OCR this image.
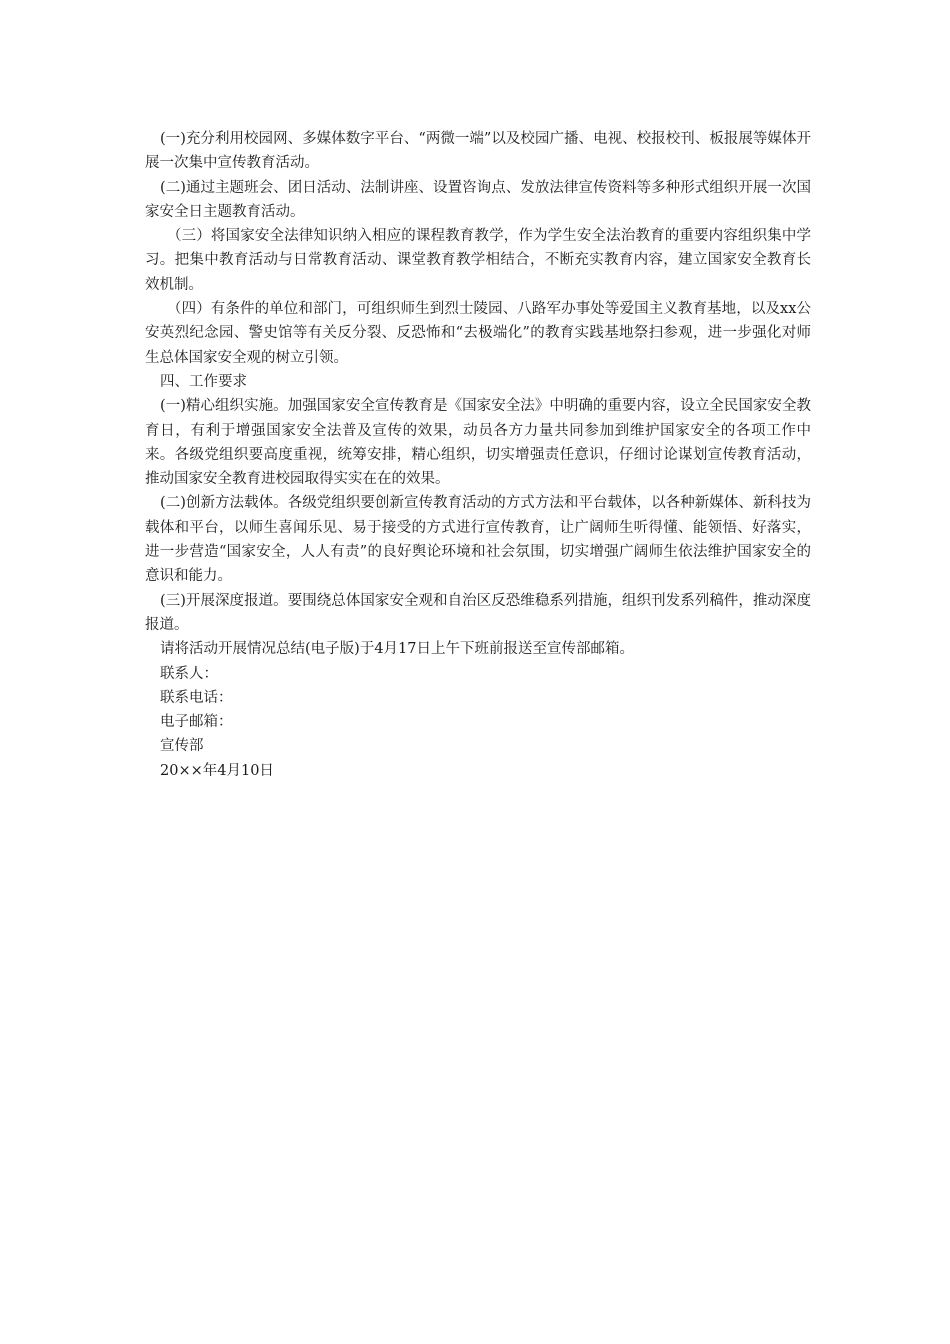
(一)充分利用校园网、多媒体数字平台、“两微一端”以及校园广播、电视、校报校刊、板报展等媒体开展一次集中宣传教育活动。

(二)通过主题班会、团日活动、法制讲座、设置咨询点、发放法律宣传资料等多种形式组织开展一次国家安全日主题教育活动。

（三）将国家安全法律知识纳入相应的课程教育教学，作为学生安全法治教育的重要内容组织集中学习。把集中教育活动与日常教育活动、课堂教育教学相结合，不断充实教育内容，建立国家安全教育长效机制。

（四）有条件的单位和部门，可组织师生到烈士陵园、八路军办事处等爱国主义教育基地，以及xx公安英烈纪念园、警史馆等有关反分裂、反恐怖和“去极端化”的教育实践基地祭扫参观，进一步强化对师生总体国家安全观的树立引领。

四、工作要求

(一)精心组织实施。加强国家安全宣传教育是《国家安全法》中明确的重要内容，设立全民国家安全教育日，有利于增强国家安全法普及宣传的效果，动员各方力量共同参加到维护国家安全的各项工作中来。各级党组织要高度重视，统筹安排，精心组织，切实增强责任意识，仔细讨论谋划宣传教育活动，推动国家安全教育进校园取得实实在在的效果。

(二)创新方法载体。各级党组织要创新宣传教育活动的方式方法和平台载体，以各种新媒体、新科技为载体和平台，以师生喜闻乐见、易于接受的方式进行宣传教育，让广阔师生听得懂、能领悟、好落实，进一步营造“国家安全，人人有责”的良好舆论环境和社会氛围，切实增强广阔师生依法维护国家安全的意识和能力。

(三)开展深度报道。要围绕总体国家安全观和自治区反恐维稳系列措施，组织刊发系列稿件，推动深度报道。

请将活动开展情况总结(电子版)于4月17日上午下班前报送至宣传部邮箱。

联系人：

联系电话：

电子邮箱：

宣传部

20××年4月10日
